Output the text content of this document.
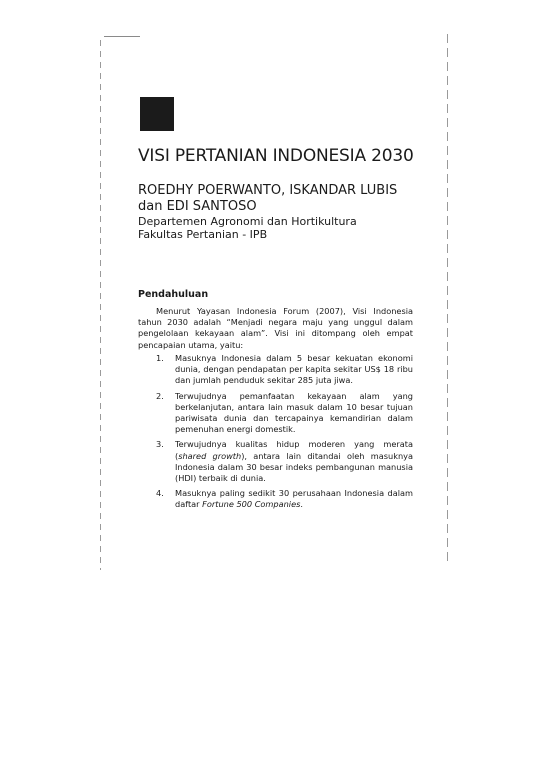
VISI PERTANIAN INDONESIA 2030
ROEDHY POERWANTO, ISKANDAR LUBIS
dan EDI SANTOSO
Departemen Agronomi dan Hortikultura
Fakultas Pertanian - IPB
Pendahuluan
Menurut Yayasan Indonesia Forum (2007), Visi Indonesia tahun 2030 adalah “Menjadi negara maju yang unggul dalam pengelolaan kekayaan alam”. Visi ini ditompang oleh empat pencapaian utama, yaitu:
1. Masuknya Indonesia dalam 5 besar kekuatan ekonomi dunia, dengan pendapatan per kapita sekitar US$ 18 ribu dan jumlah penduduk sekitar 285 juta jiwa.
2. Terwujudnya pemanfaatan kekayaan alam yang berkelanjutan, antara lain masuk dalam 10 besar tujuan pariwisata dunia dan tercapainya kemandirian dalam pemenuhan energi domestik.
3. Terwujudnya kualitas hidup moderen yang merata (shared growth), antara lain ditandai oleh masuknya Indonesia dalam 30 besar indeks pembangunan manusia (HDI) terbaik di dunia.
4. Masuknya paling sedikit 30 perusahaan Indonesia dalam daftar Fortune 500 Companies.
